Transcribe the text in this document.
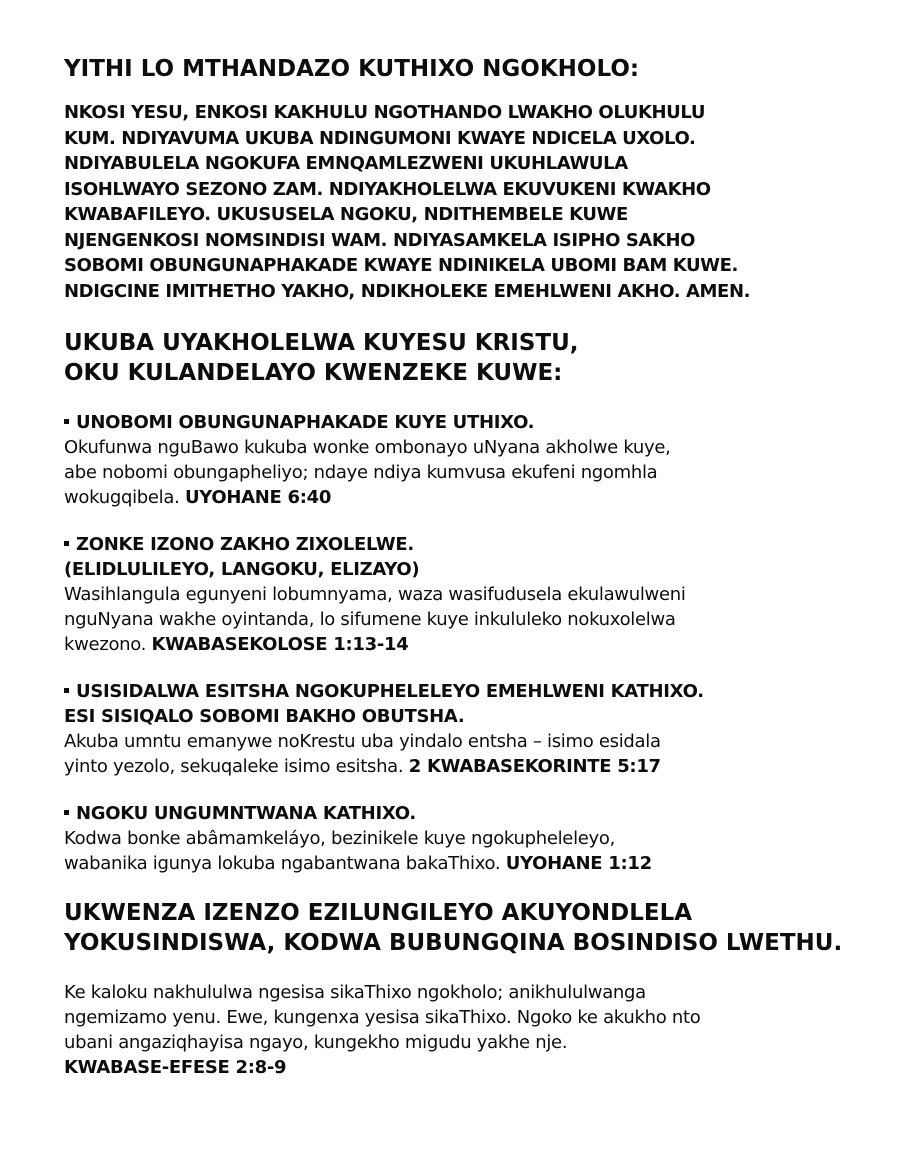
YITHI LO MTHANDAZO KUTHIXO NGOKHOLO:
NKOSI YESU, ENKOSI KAKHULU NGOTHANDO LWAKHO OLUKHULU
KUM. NDIYAVUMA UKUBA NDINGUMONI KWAYE NDICELA UXOLO.
NDIYABULELA NGOKUFA EMNQAMLEZWENI UKUHLAWULA
ISOHLWAYO SEZONO ZAM. NDIYAKHOLELWA EKUVUKENI KWAKHO
KWABAFILEYO. UKUSUSELA NGOKU, NDITHEMBELE KUWE
NJENGENKOSI NOMSINDISI WAM. NDIYASAMKELA ISIPHO SAKHO
SOBOMI OBUNGUNAPHAKADE KWAYE NDINIKELA UBOMI BAM KUWE.
NDIGCINE IMITHETHO YAKHO, NDIKHOLEKE EMEHLWENI AKHO. AMEN.
UKUBA UYAKHOLELWA KUYESU KRISTU,
OKU KULANDELAYO KWENZEKE KUWE:
UNOBOMI OBUNGUNAPHAKADE KUYE UTHIXO.
Okufunwa nguBawo kukuba wonke ombonayo uNyana akholwe kuye,
abe nobomi obungapheliyo; ndaye ndiya kumvusa ekufeni ngomhla
wokugqibela. UYOHANE 6:40
ZONKE IZONO ZAKHO ZIXOLELWE.
(ELIDLULILEYO, LANGOKU, ELIZAYO)
Wasihlangula egunyeni lobumnyama, waza wasifudusela ekulawulweni
nguNyana wakhe oyintanda, lo sifumene kuye inkululeko nokuxolelwa
kwezono. KWABASEKOLOSE 1:13-14
USISIDALWA ESITSHA NGOKUPHELELEYO EMEHLWENI KATHIXO.
ESI SISIQALO SOBOMI BAKHO OBUTSHA.
Akuba umntu emanywe noKrestu uba yindalo entsha – isimo esidala
yinto yezolo, sekuqaleke isimo esitsha. 2 KWABASEKORINTE 5:17
NGOKU UNGUMNTWANA KATHIXO.
Kodwa bonke abâmamkeláyo, bezinikele kuye ngokupheleleyo,
wabanika igunya lokuba ngabantwana bakaThixo. UYOHANE 1:12
UKWENZA IZENZO EZILUNGILEYO AKUYONDLELA
YOKUSINDISWA, KODWA BUBUNGQINA BOSINDISO LWETHU.
Ke kaloku nakhululwa ngesisa sikaThixo ngokholo; anikhululwanga
ngemizamo yenu. Ewe, kungenxa yesisa sikaThixo. Ngoko ke akukho nto
ubani angaziqhayisa ngayo, kungekho migudu yakhe nje.
KWABASE-EFESE 2:8-9
